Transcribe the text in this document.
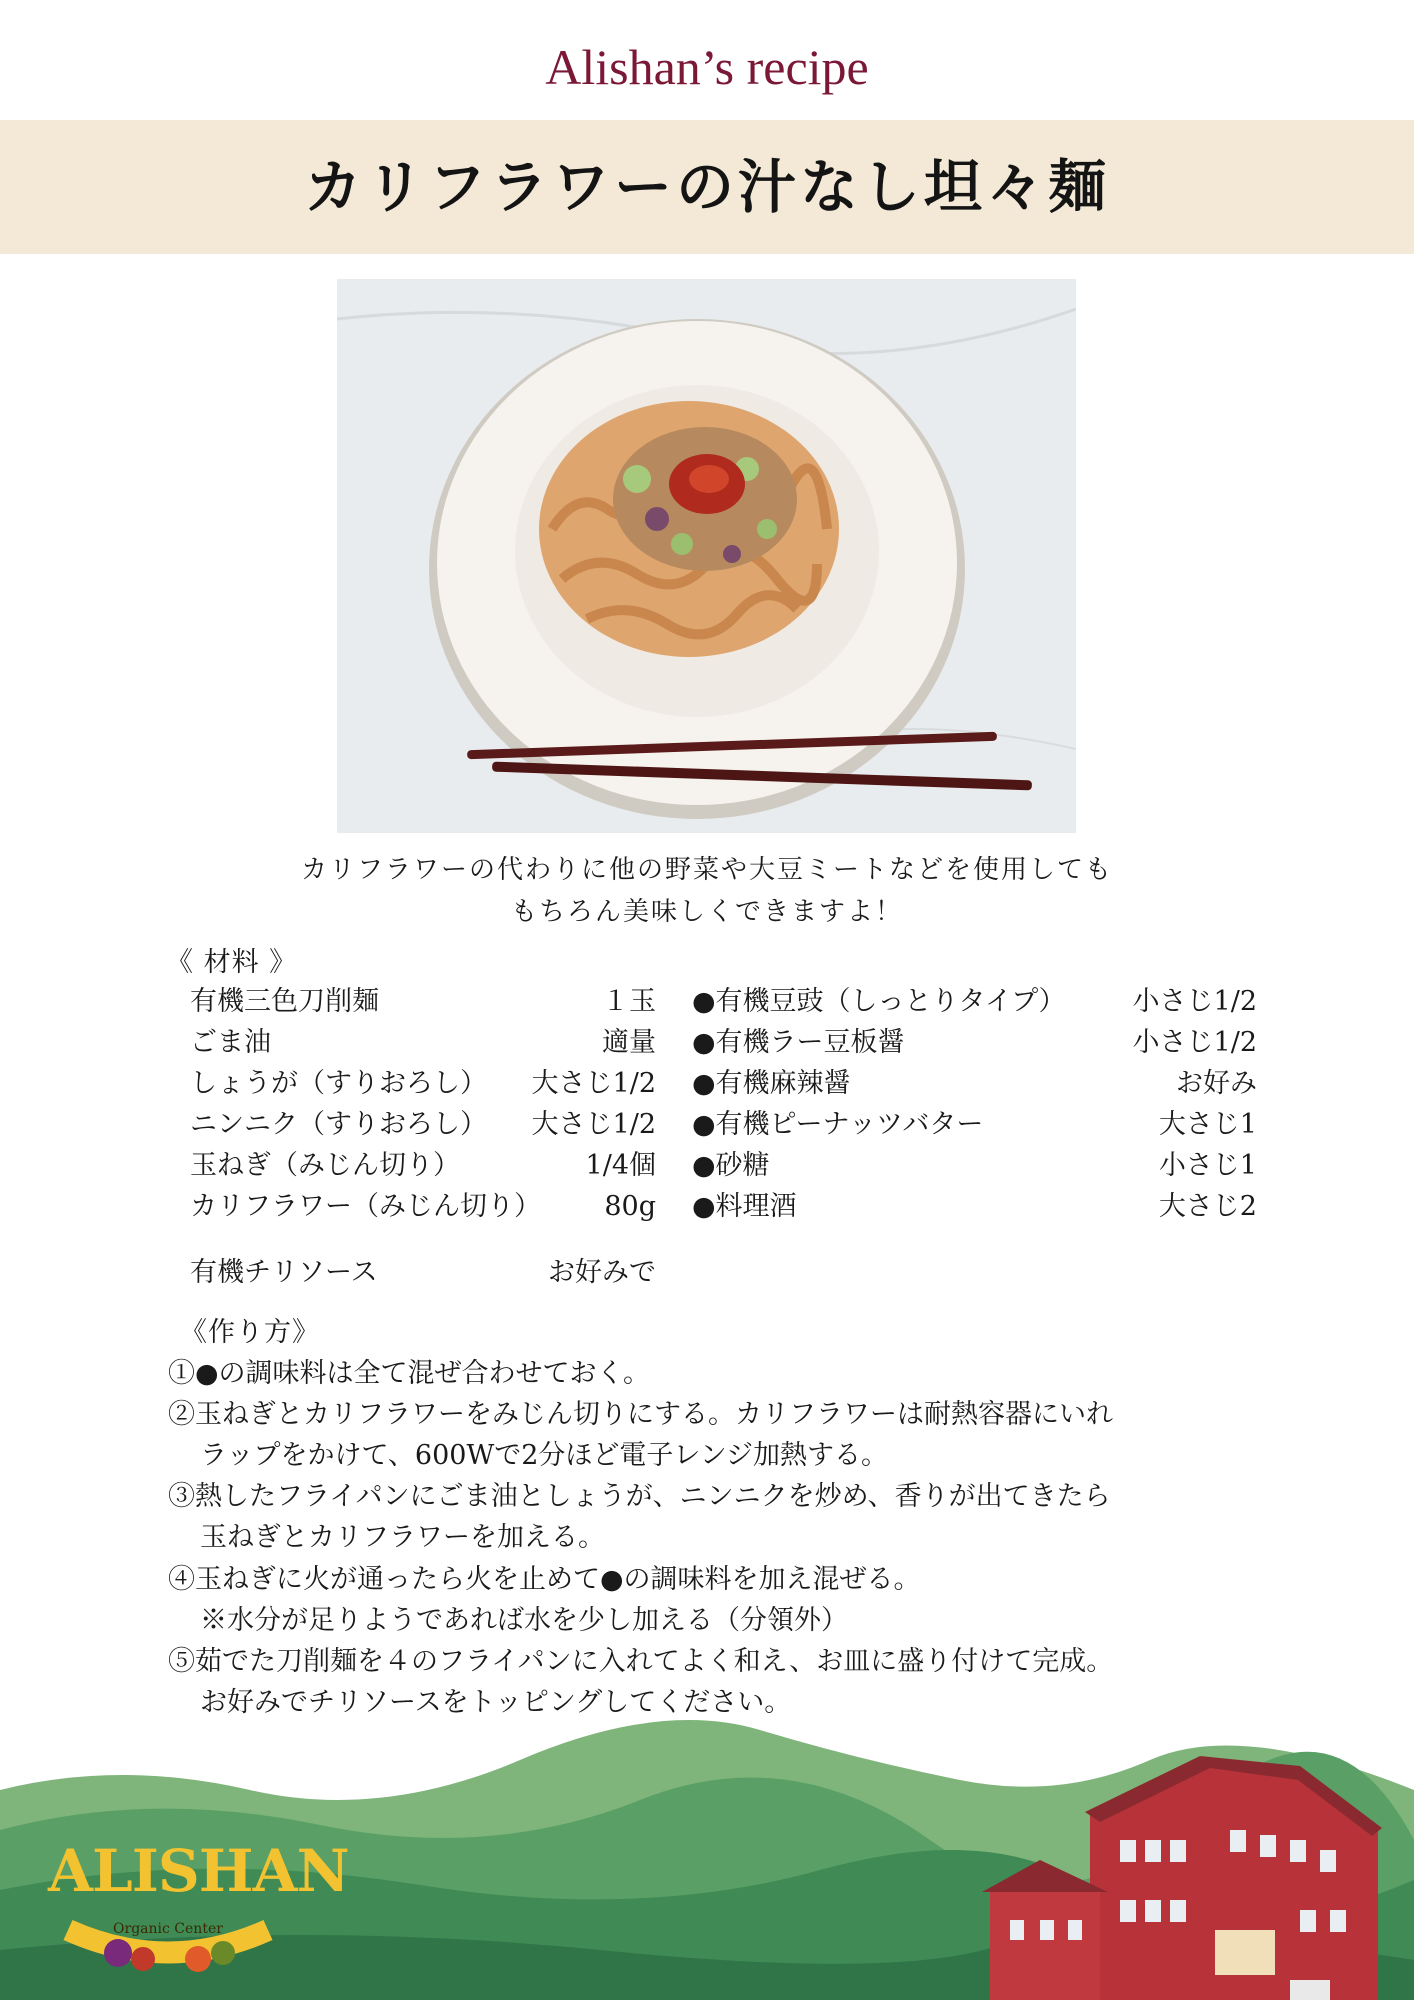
Alishan’s recipe
カリフラワーの汁なし坦々麺
カリフラワーの代わりに他の野菜や大豆ミートなどを使用しても
もちろん美味しくできますよ！
《 材料 》
有機三色刀削麺	１玉
ごま油	適量
しょうが（すりおろし） 大さじ1/2
ニンニク（すりおろし） 大さじ1/2
玉ねぎ（みじん切り）	1/4個
カリフラワー（みじん切り） 80g
●有機豆豉（しっとりタイプ） 小さじ1/2
●有機ラー豆板醤	小さじ1/2
●有機麻辣醤	お好み
●有機ピーナッツバター	大さじ1
●砂糖	小さじ1
●料理酒	大さじ2
有機チリソース	お好みで
《作り方》
①●の調味料は全て混ぜ合わせておく。
②玉ねぎとカリフラワーをみじん切りにする。カリフラワーは耐熱容器にいれ
ラップをかけて、600Wで2分ほど電子レンジ加熱する。
③熱したフライパンにごま油としょうが、ニンニクを炒め、香りが出てきたら
玉ねぎとカリフラワーを加える。
④玉ねぎに火が通ったら火を止めて●の調味料を加え混ぜる。
※水分が足りようであれば水を少し加える（分領外）
⑤茹でた刀削麺を４のフライパンに入れてよく和え、お皿に盛り付けて完成。
お好みでチリソースをトッピングしてください。
ALISHAN
Organic Center
